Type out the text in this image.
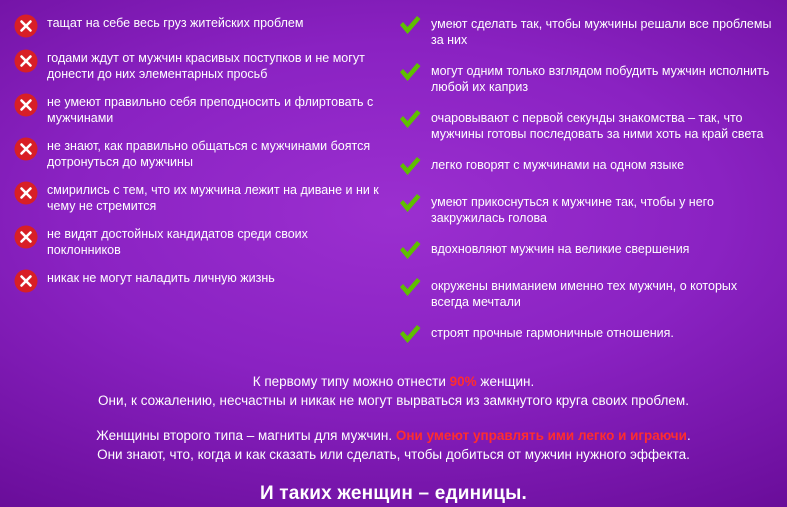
тащат на себе весь груз житейских проблем
годами ждут от мужчин красивых поступков и не могут донести до них элементарных просьб
не умеют правильно себя преподносить и флиртовать с мужчинами
не знают, как правильно общаться с мужчинами боятся дотронуться до мужчины
смирились с тем, что их мужчина лежит на диване и ни к чему не стремится
не видят достойных кандидатов среди своих поклонников
никак не могут наладить личную жизнь
умеют сделать так, чтобы мужчины решали все проблемы за них
могут одним только взглядом побудить мужчин исполнить любой их каприз
очаровывают с первой секунды знакомства – так, что мужчины готовы последовать за ними хоть на край света
легко говорят с мужчинами на одном языке
умеют прикоснуться к мужчине так, чтобы у него закружилась голова
вдохновляют мужчин на великие свершения
окружены вниманием именно тех мужчин, о которых всегда мечтали
строят прочные гармоничные отношения.
К первому типу можно отнести 90% женщин.
Они, к сожалению, несчастны и никак не могут вырваться из замкнутого круга своих проблем.
Женщины второго типа – магниты для мужчин. Они умеют управлять ими легко и играючи.
Они знают, что, когда и как сказать или сделать, чтобы добиться от мужчин нужного эффекта.
И таких женщин – единицы.
